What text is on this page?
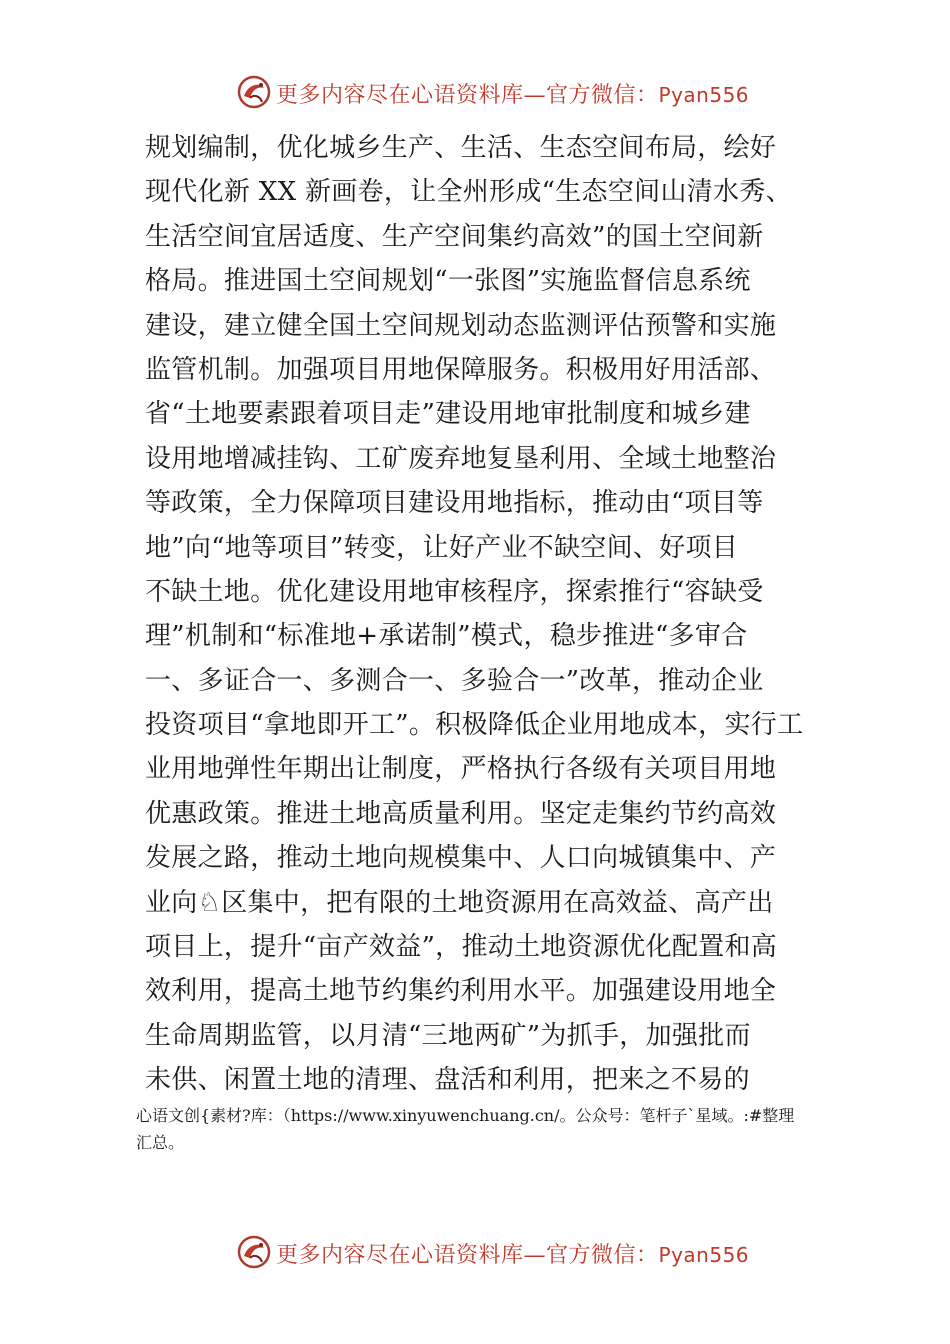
更多内容尽在心语资料库—官方微信：Pyan556
规划编制，优化城乡生产、生活、生态空间布局，绘好
现代化新 XX 新画卷，让全州形成“生态空间山清水秀、
生活空间宜居适度、生产空间集约高效”的国土空间新
格局。推进国土空间规划“一张图”实施监督信息系统
建设，建立健全国土空间规划动态监测评估预警和实施
监管机制。加强项目用地保障服务。积极用好用活部、
省“土地要素跟着项目走”建设用地审批制度和城乡建
设用地增减挂钩、工矿废弃地复垦利用、全域土地整治
等政策，全力保障项目建设用地指标，推动由“项目等
地”向“地等项目”转变，让好产业不缺空间、好项目
不缺土地。优化建设用地审核程序，探索推行“容缺受
理”机制和“标准地+承诺制”模式，稳步推进“多审合
一、多证合一、多测合一、多验合一”改革，推动企业
投资项目“拿地即开工”。积极降低企业用地成本，实行工
业用地弹性年期出让制度，严格执行各级有关项目用地
优惠政策。推进土地高质量利用。坚定走集约节约高效
发展之路，推动土地向规模集中、人口向城镇集中、产
业向♘区集中，把有限的土地资源用在高效益、高产出
项目上，提升“亩产效益”，推动土地资源优化配置和高
效利用，提高土地节约集约利用水平。加强建设用地全
生命周期监管，以月清“三地两矿”为抓手，加强批而
未供、闲置土地的清理、盘活和利用，把来之不易的
心语文创{素材?库：（https://www.xinyuwenchuang.cn/。公众号：笔杆子`星域。:#整理
汇总。
更多内容尽在心语资料库—官方微信：Pyan556
